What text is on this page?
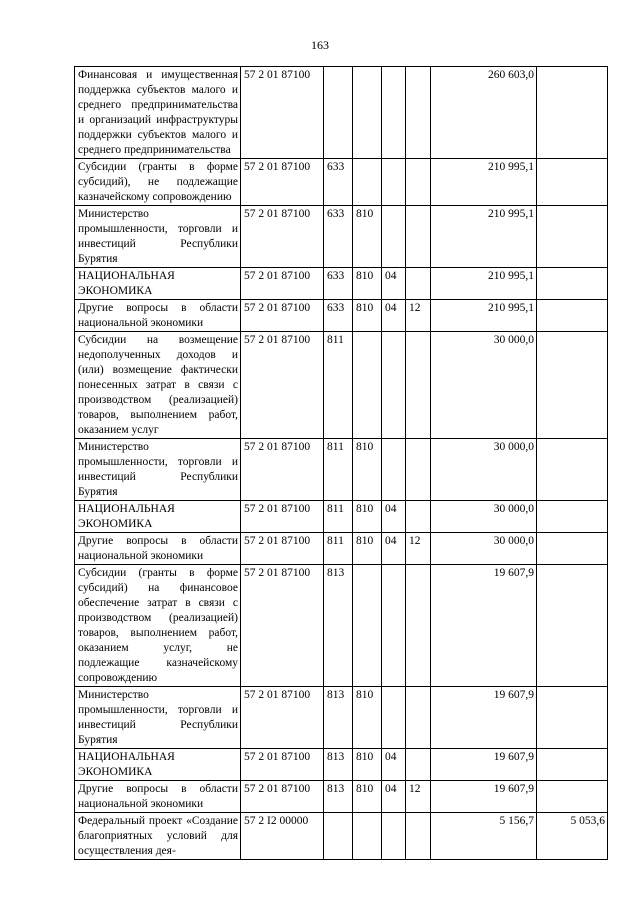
163
Финансовая и имущественная поддержка субъектов малого и среднего предпринимательства и организаций инфраструктуры поддержки субъектов малого и среднего предпринимательства	57 2 01 87100					260 603,0	
Субсидии (гранты в форме субсидий), не подлежащие казначейскому сопровождению	57 2 01 87100	633				210 995,1	
Министерство промышленности, торговли и инвестиций Республики Бурятия	57 2 01 87100	633	810			210 995,1	
НАЦИОНАЛЬНАЯ ЭКОНОМИКА	57 2 01 87100	633	810	04		210 995,1	
Другие вопросы в области национальной экономики	57 2 01 87100	633	810	04	12	210 995,1	
Субсидии на возмещение недополученных доходов и (или) возмещение фактически понесенных затрат в связи с производством (реализацией) товаров, выполнением работ, оказанием услуг	57 2 01 87100	811				30 000,0	
Министерство промышленности, торговли и инвестиций Республики Бурятия	57 2 01 87100	811	810			30 000,0	
НАЦИОНАЛЬНАЯ ЭКОНОМИКА	57 2 01 87100	811	810	04		30 000,0	
Другие вопросы в области национальной экономики	57 2 01 87100	811	810	04	12	30 000,0	
Субсидии (гранты в форме субсидий) на финансовое обеспечение затрат в связи с производством (реализацией) товаров, выполнением работ, оказанием услуг, не подлежащие казначейскому сопровождению	57 2 01 87100	813				19 607,9	
Министерство промышленности, торговли и инвестиций Республики Бурятия	57 2 01 87100	813	810			19 607,9	
НАЦИОНАЛЬНАЯ ЭКОНОМИКА	57 2 01 87100	813	810	04		19 607,9	
Другие вопросы в области национальной экономики	57 2 01 87100	813	810	04	12	19 607,9	
Федеральный проект «Создание благоприятных условий для осуществления дея-	57 2 I2 00000					5 156,7	5 053,6
